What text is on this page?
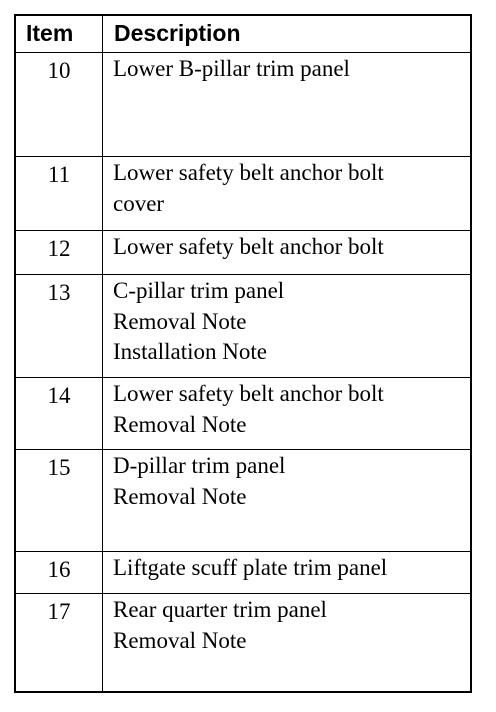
Item Description
10	Lower B-pillar trim panel
11	Lower safety belt anchor bolt
cover
12	Lower safety belt anchor bolt
13	C-pillar trim panel
Removal Note
Installation Note
14	Lower safety belt anchor bolt
Removal Note
15	D-pillar trim panel
Removal Note
16	Liftgate scuff plate trim panel
17	Rear quarter trim panel
Removal Note
